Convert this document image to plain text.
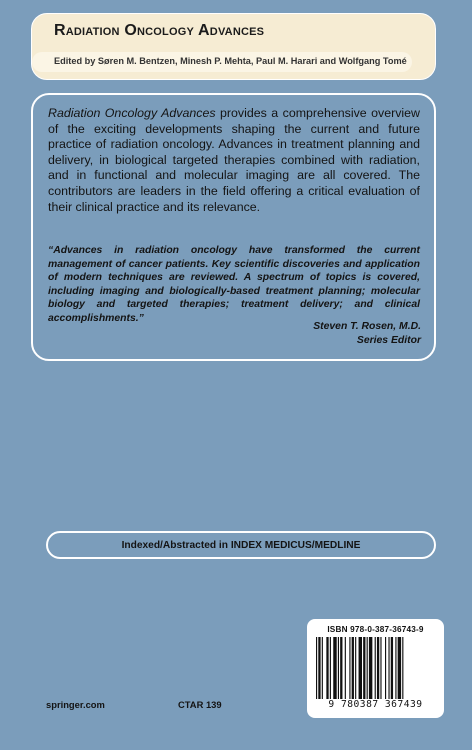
Radiation Oncology Advances
Edited by Søren M. Bentzen, Minesh P. Mehta, Paul M. Harari and Wolfgang Tomé

Radiation Oncology Advances provides a comprehensive overview of the exciting developments shaping the current and future practice of radiation oncology. Advances in treatment planning and delivery, in biological targeted therapies combined with radiation, and in functional and molecular imaging are all covered. The contributors are leaders in the field offering a critical evaluation of their clinical practice and its relevance.

“Advances in radiation oncology have transformed the current management of cancer patients. Key scientific discoveries and application of modern techniques are reviewed. A spectrum of topics is covered, including imaging and biologically-based treatment planning; molecular biology and targeted therapies; treatment delivery; and clinical accomplishments.”

Steven T. Rosen, M.D.
Series Editor
Indexed/Abstracted in INDEX MEDICUS/MEDLINE
ISBN 978-0-387-36743-9
9 780387 367439
springer.com	CTAR 139
